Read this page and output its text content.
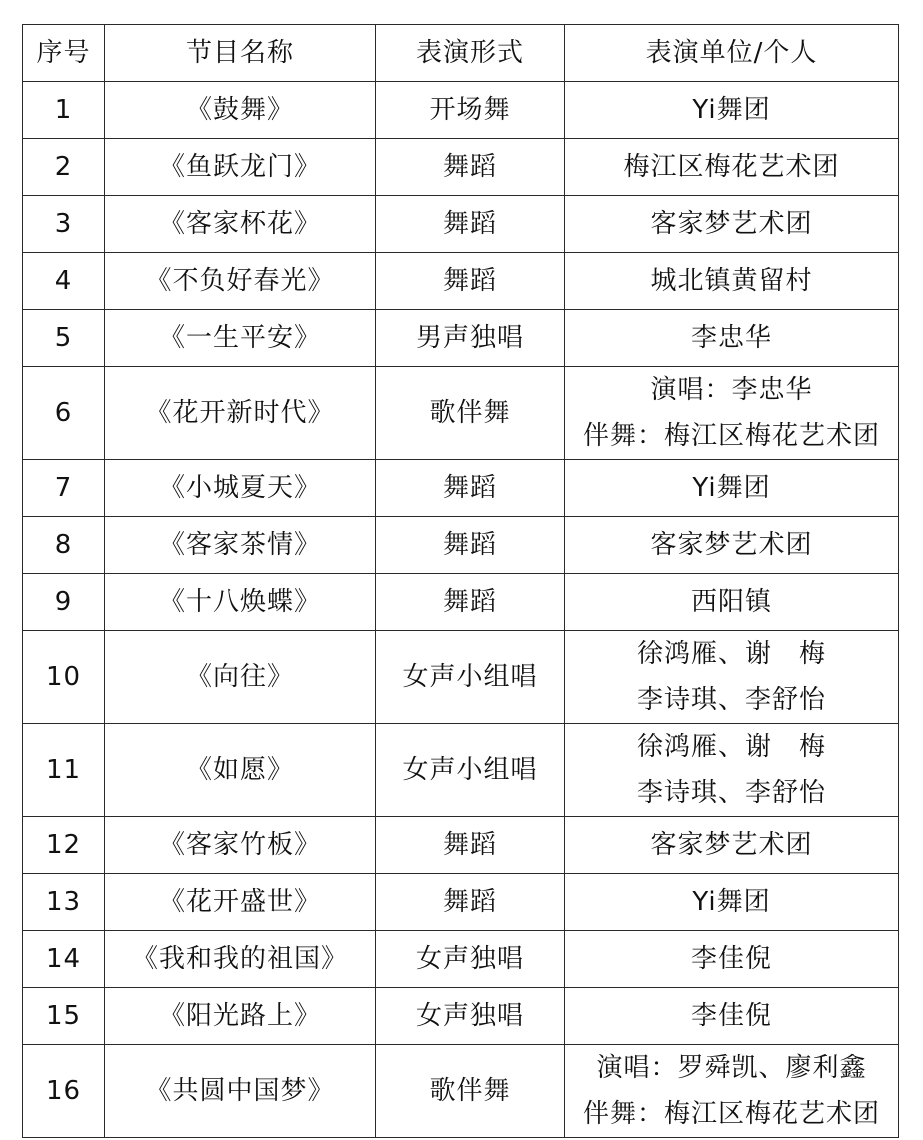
序号	节目名称	表演形式	表演单位/个人
1	《鼓舞》	开场舞	Yi舞团

2	《鱼跃龙门》	舞蹈	梅江区梅花艺术团

3	《客家杯花》	舞蹈	客家梦艺术团

4	《不负好春光》	舞蹈	城北镇黄留村

5	《一生平安》	男声独唱	李忠华

6	《花开新时代》	歌伴舞	演唱：李忠华
伴舞：梅江区梅花艺术团

7	《小城夏天》	舞蹈	Yi舞团

8	《客家茶情》	舞蹈	客家梦艺术团

9	《十八焕蝶》	舞蹈	西阳镇

10	《向往》	女声小组唱	徐鸿雁、谢　梅
李诗琪、李舒怡

11	《如愿》	女声小组唱	徐鸿雁、谢　梅
李诗琪、李舒怡

12	《客家竹板》	舞蹈	客家梦艺术团

13	《花开盛世》	舞蹈	Yi舞团

14	《我和我的祖国》	女声独唱	李佳倪

15	《阳光路上》	女声独唱	李佳倪

16	《共圆中国梦》	歌伴舞	演唱：罗舜凯、廖利鑫
伴舞：梅江区梅花艺术团
